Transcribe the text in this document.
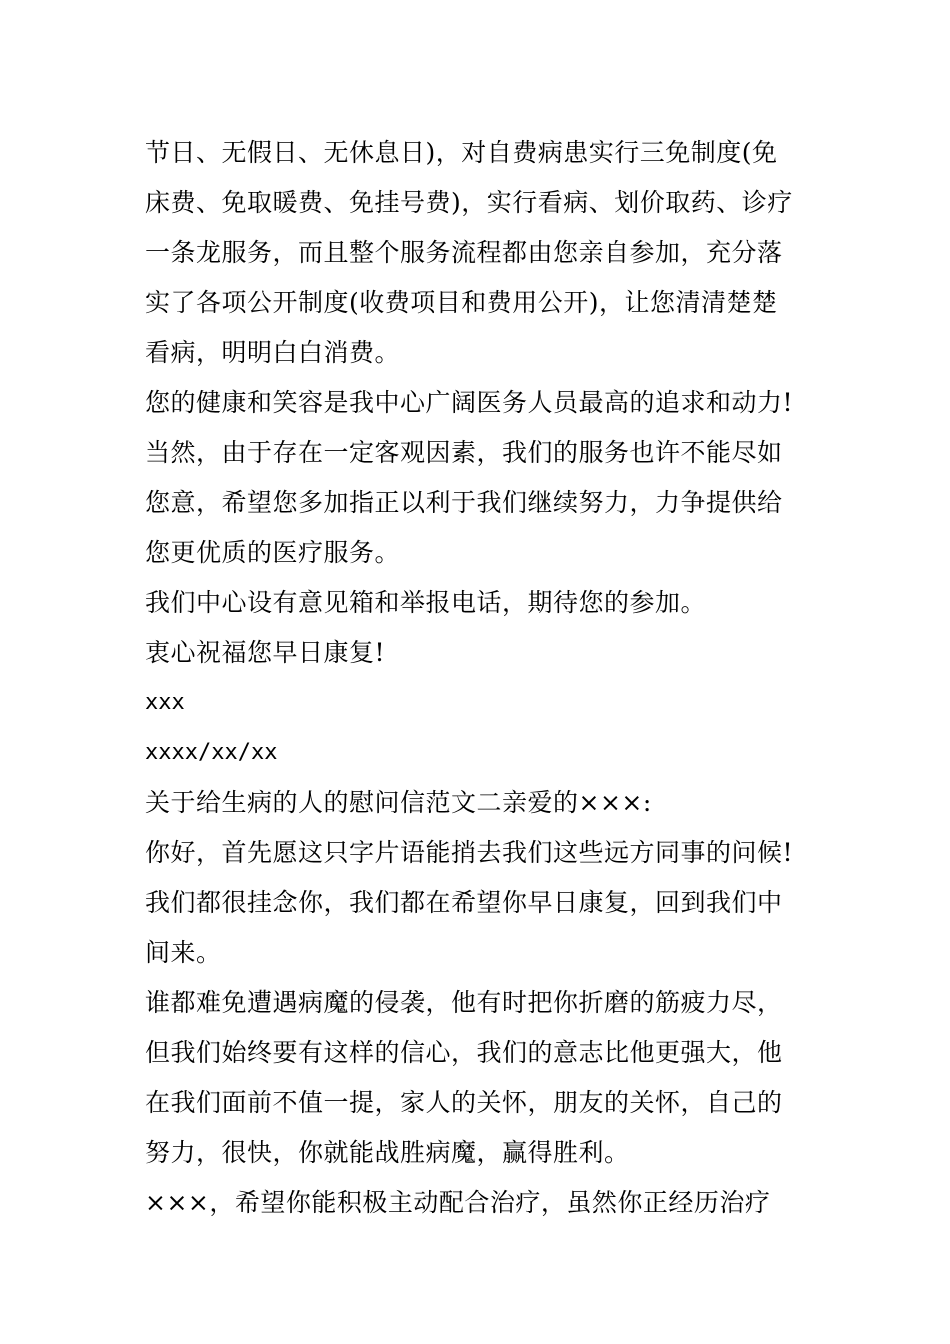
节日、无假日、无休息日)，对自费病患实行三免制度(免
床费、免取暖费、免挂号费)，实行看病、划价取药、诊疗
一条龙服务，而且整个服务流程都由您亲自参加，充分落
实了各项公开制度(收费项目和费用公开)，让您清清楚楚
看病，明明白白消费。
您的健康和笑容是我中心广阔医务人员最高的追求和动力!
当然，由于存在一定客观因素，我们的服务也许不能尽如
您意，希望您多加指正以利于我们继续努力，力争提供给
您更优质的医疗服务。
我们中心设有意见箱和举报电话，期待您的参加。
衷心祝福您早日康复!
xxx
xxxx/xx/xx
关于给生病的人的慰问信范文二亲爱的×××:
你好，首先愿这只字片语能捎去我们这些远方同事的问候!
我们都很挂念你，我们都在希望你早日康复，回到我们中
间来。
谁都难免遭遇病魔的侵袭，他有时把你折磨的筋疲力尽，
但我们始终要有这样的信心，我们的意志比他更强大，他
在我们面前不值一提，家人的关怀，朋友的关怀，自己的
努力，很快，你就能战胜病魔，赢得胜利。
×××，希望你能积极主动配合治疗，虽然你正经历治疗
